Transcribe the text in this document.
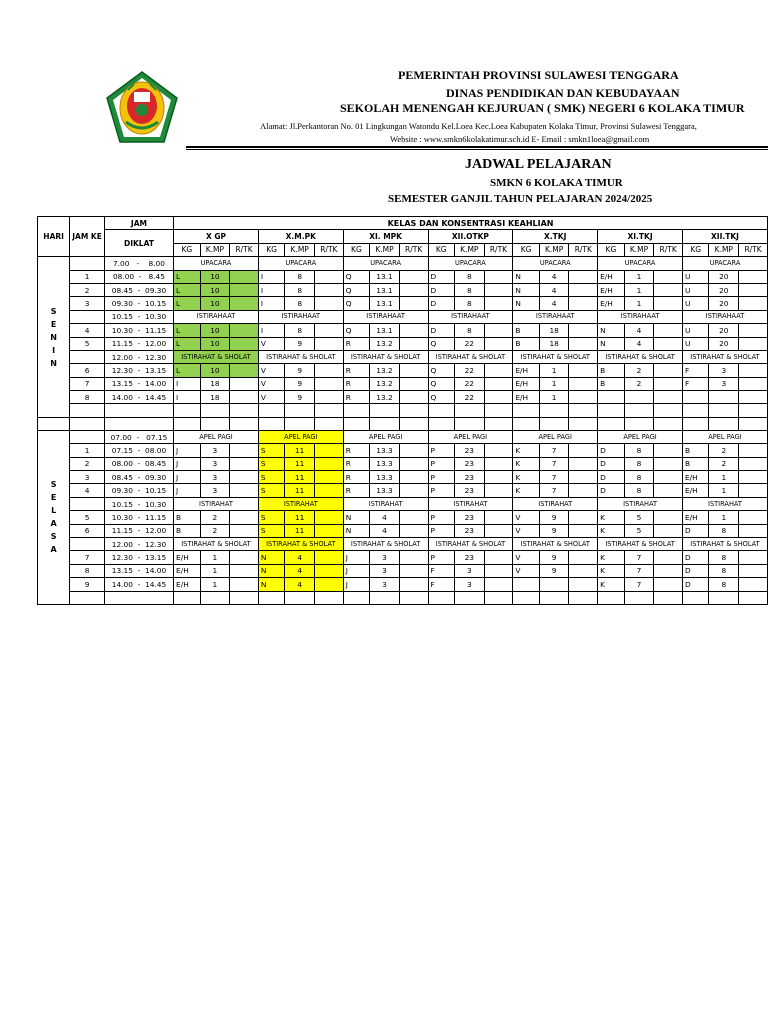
PEMERINTAH PROVINSI SULAWESI TENGGARA
DINAS PENDIDIKAN DAN KEBUDAYAAN
SEKOLAH MENENGAH KEJURUAN ( SMK) NEGERI 6 KOLAKA TIMUR
Alamat: Jl.Perkantoran No. 01 Lingkungan Watondu Kel.Loea Kec.Loea Kabupaten Kolaka Timur, Provinsi Sulawesi Tenggara,
Website : www.smkn6kolakatimur.sch.id E- Email : smkn1loea@gmail.com
JADWAL PELAJARAN
SMKN 6 KOLAKA TIMUR
SEMESTER GANJIL TAHUN PELAJARAN 2024/2025
HARI	JAM KE	JAM	KELAS DAN KONSENTRASI KEAHLIAN																				
		DIKLAT	X GP			X.M.PK			XI. MPK			XII.OTKP			X.TKJ			XI.TKJ			XII.TKJ		
			KG	K.MP	R/TK	KG	K.MP	R/TK	KG	K.MP	R/TK	KG	K.MP	R/TK	KG	K.MP	R/TK	KG	K.MP	R/TK	KG	K.MP	R/TK
S E N I N		7.00   -    8.00	UPACARA			UPACARA			UPACARA			UPACARA			UPACARA			UPACARA			UPACARA		
	1	08.00  -   8.45	L	10		I	8		Q	13.1		D	8		N	4		E/H	1		U	20	
	2	08.45  -  09.30	L	10		I	8		Q	13.1		D	8		N	4		E/H	1		U	20	
	3	09.30  -  10.15	L	10		I	8		Q	13.1		D	8		N	4		E/H	1		U	20	
		10.15  -  10.30	ISTIRAHAAT			ISTIRAHAAT			ISTIRAHAAT			ISTIRAHAAT			ISTIRAHAAT			ISTIRAHAAT			ISTIRAHAAT		
	4	10.30  -  11.15	L	10		I	8		Q	13.1		D	8		B	18		N	4		U	20	
	5	11.15  -  12.00	L	10		V	9		R	13.2		Q	22		B	18		N	4		U	20	
		12.00  -  12.30	ISTIRAHAT & SHOLAT			ISTIRAHAT & SHOLAT			ISTIRAHAT & SHOLAT			ISTIRAHAT & SHOLAT			ISTIRAHAT & SHOLAT			ISTIRAHAT & SHOLAT			ISTIRAHAT & SHOLAT		
	6	12.30  -  13.15	L	10		V	9		R	13.2		Q	22		E/H	1		B	2		F	3	
	7	13.15  -  14.00	I	18		V	9		R	13.2		Q	22		E/H	1		B	2		F	3	
	8	14.00  -  14.45	I	18		V	9		R	13.2		Q	22		E/H	1							

S E L A S A		07.00  -   07.15	APEL PAGI			APEL PAGI			APEL PAGI			APEL PAGI			APEL PAGI			APEL PAGI			APEL PAGI		
	1	07.15  -  08.00	J	3		S	11		R	13.3		P	23		K	7		D	8		B	2	
	2	08.00  -  08.45	J	3		S	11		R	13.3		P	23		K	7		D	8		B	2	
	3	08.45  -  09.30	J	3		S	11		R	13.3		P	23		K	7		D	8		E/H	1	
	4	09.30  -  10.15	J	3		S	11		R	13.3		P	23		K	7		D	8		E/H	1	
		10.15  -  10.30	ISTIRAHAT			ISTIRAHAT			ISTIRAHAT			ISTIRAHAT			ISTIRAHAT			ISTIRAHAT			ISTIRAHAT		
	5	10.30  -  11.15	B	2		S	11		N	4		P	23		V	9		K	5		E/H	1	
	6	11.15  -  12.00	B	2		S	11		N	4		P	23		V	9		K	5		D	8	
		12.00  -  12.30	ISTIRAHAT & SHOLAT			ISTIRAHAT & SHOLAT			ISTIRAHAT & SHOLAT			ISTIRAHAT & SHOLAT			ISTIRAHAT & SHOLAT			ISTIRAHAT & SHOLAT			ISTIRAHAT & SHOLAT		
	7	12.30  -  13.15	E/H	1		N	4		J	3		P	23		V	9		K	7		D	8	
	8	13.15  -  14.00	E/H	1		N	4		J	3		F	3		V	9		K	7		D	8	
	9	14.00  -  14.45	E/H	1		N	4		J	3		F	3					K	7		D	8	
